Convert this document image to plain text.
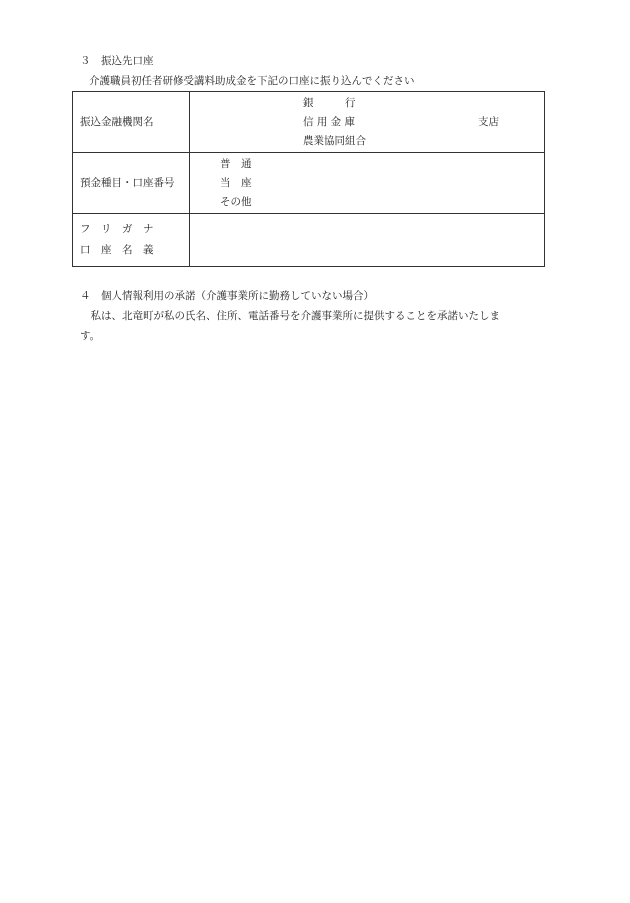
３　振込先口座
介護職員初任者研修受講料助成金を下記の口座に振り込んでください
振込金融機関名	銀　　　行
信 用 金 庫
農業協同組合
支店

預金種目・口座番号	普　通
当　座
その他

フ　リ　ガ　ナ
口　座　名　義	

４　個人情報利用の承諾（介護事業所に勤務していない場合）
　私は、北竜町が私の氏名、住所、電話番号を介護事業所に提供することを承諾いたしま
す。
